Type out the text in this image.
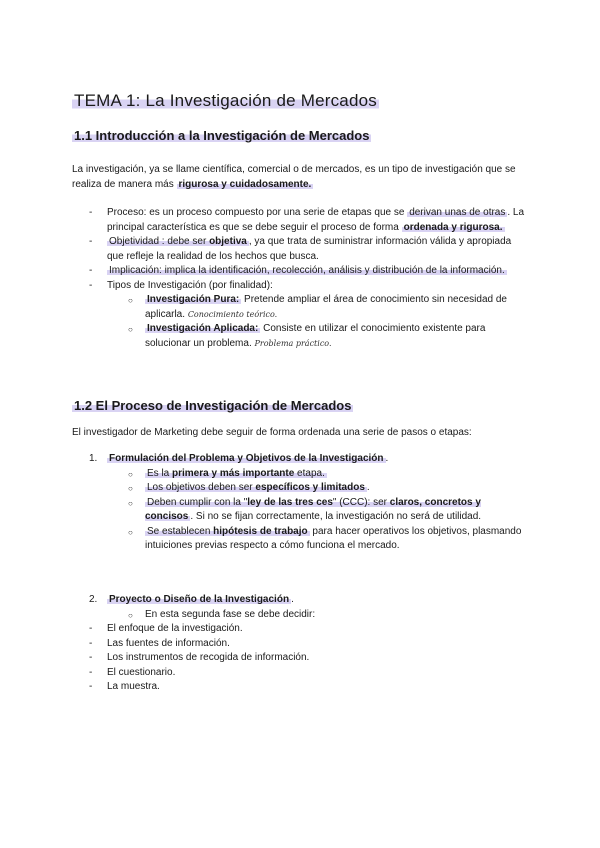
TEMA 1: La Investigación de Mercados
1.1 Introducción a la Investigación de Mercados
La investigación, ya se llame científica, comercial o de mercados, es un tipo de investigación que se realiza de manera más rigurosa y cuidadosamente.
-	Proceso: es un proceso compuesto por una serie de etapas que se derivan unas de otras . La principal característica es que se debe seguir el proceso de forma ordenada y rigurosa.
-	Objetividad : debe ser objetiva , ya que trata de suministrar información válida y apropiada que refleje la realidad de los hechos que busca.
-	Implicación: implica la identificación, recolección, análisis y distribución de la información.
-	Tipos de Investigación (por finalidad):
○ Investigación Pura: Pretende ampliar el área de conocimiento sin necesidad de aplicarla. Conocimiento teórico.
○ Investigación Aplicada: Consiste en utilizar el conocimiento existente para solucionar un problema. Problema práctico.
1.2 El Proceso de Investigación de Mercados
El investigador de Marketing debe seguir de forma ordenada una serie de pasos o etapas:
1. Formulación del Problema y Objetivos de la Investigación .
○ Es la primera y más importante etapa.
○ Los objetivos deben ser específicos y limitados .
○ Deben cumplir con la "ley de las tres ces" (CCC): ser claros, concretos y concisos . Si no se fijan correctamente, la investigación no será de utilidad.
○ Se establecen hipótesis de trabajo para hacer operativos los objetivos, plasmando intuiciones previas respecto a cómo funciona el mercado.
2. Proyecto o Diseño de la Investigación .
○ En esta segunda fase se debe decidir:
-	El enfoque de la investigación.
-	Las fuentes de información.
-	Los instrumentos de recogida de información.
-	El cuestionario.
-	La muestra.
